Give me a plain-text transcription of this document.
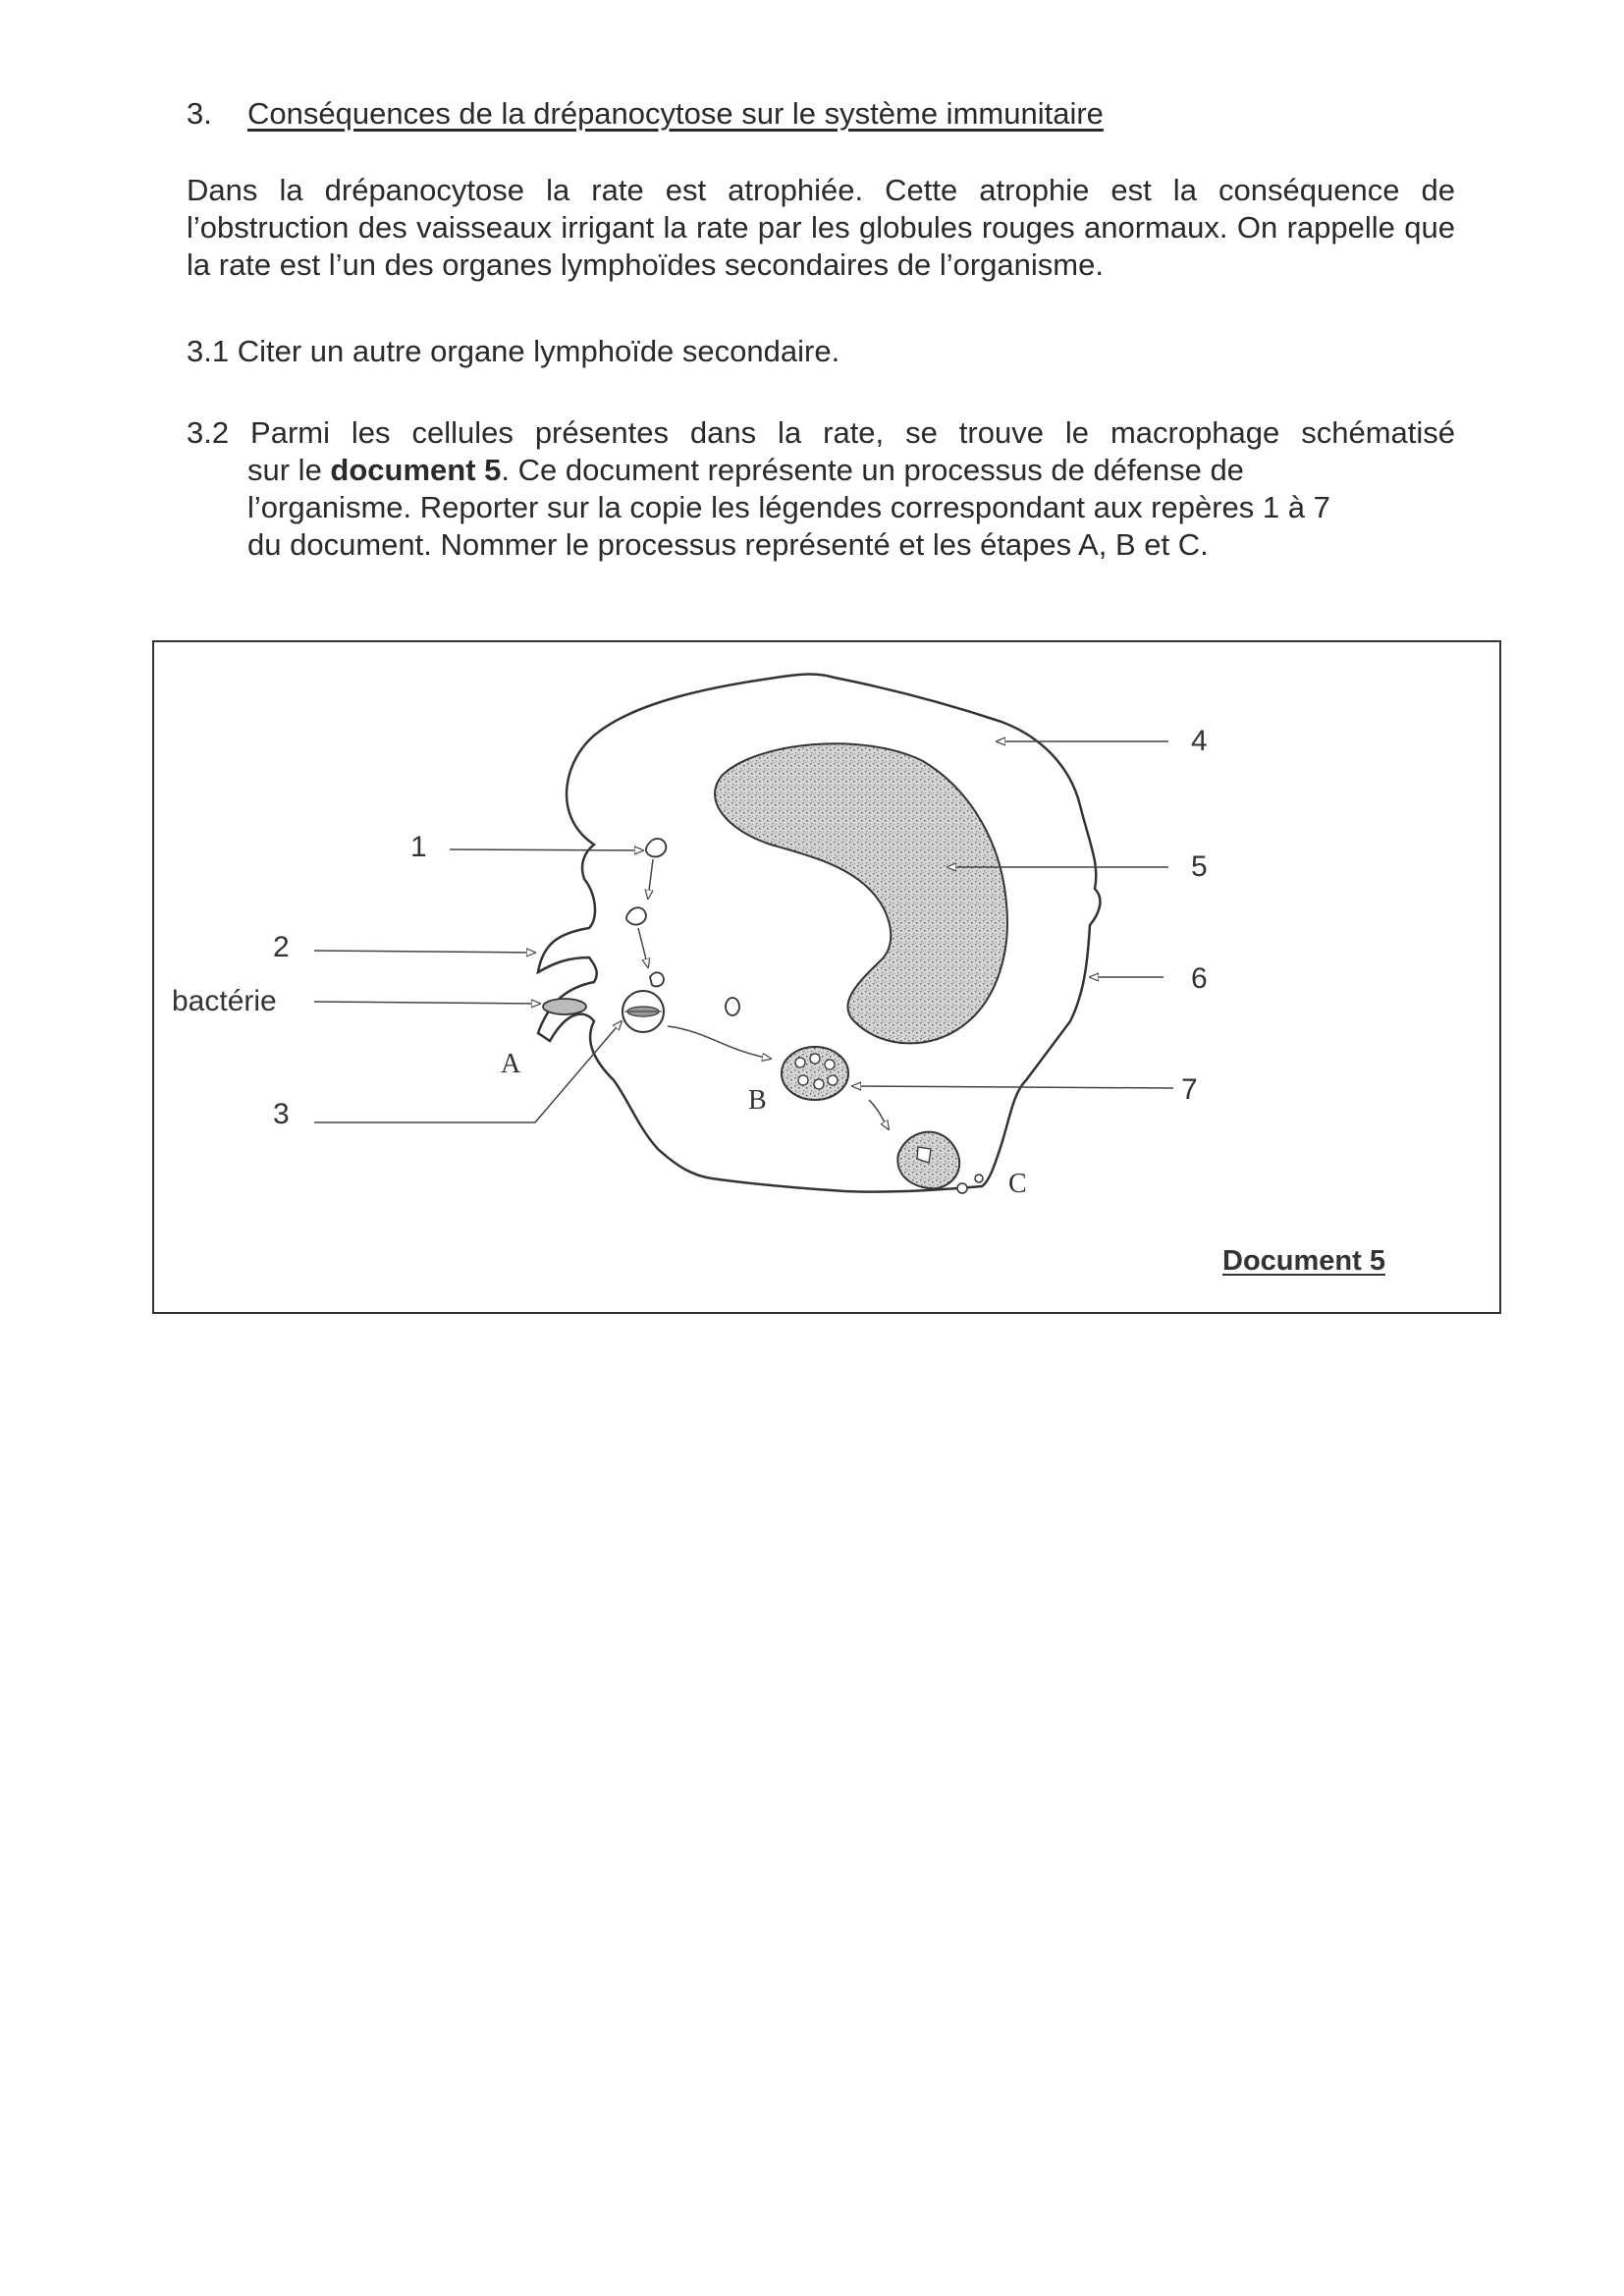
3. Conséquences de la drépanocytose sur le système immunitaire

Dans la drépanocytose la rate est atrophiée. Cette atrophie est la conséquence de l’obstruction des vaisseaux irrigant la rate par les globules rouges anormaux. On rappelle que la rate est l’un des organes lymphoïdes secondaires de l’organisme.

3.1 Citer un autre organe lymphoïde secondaire.

3.2 Parmi les cellules présentes dans la rate, se trouve le macrophage schématisé
sur le document 5. Ce document représente un processus de défense de
l’organisme. Reporter sur la copie les légendes correspondant aux repères 1 à 7
du document. Nommer le processus représenté et les étapes A, B et C.

1
2
bactérie
3
4
5
6
7
A
B
C
Document 5
